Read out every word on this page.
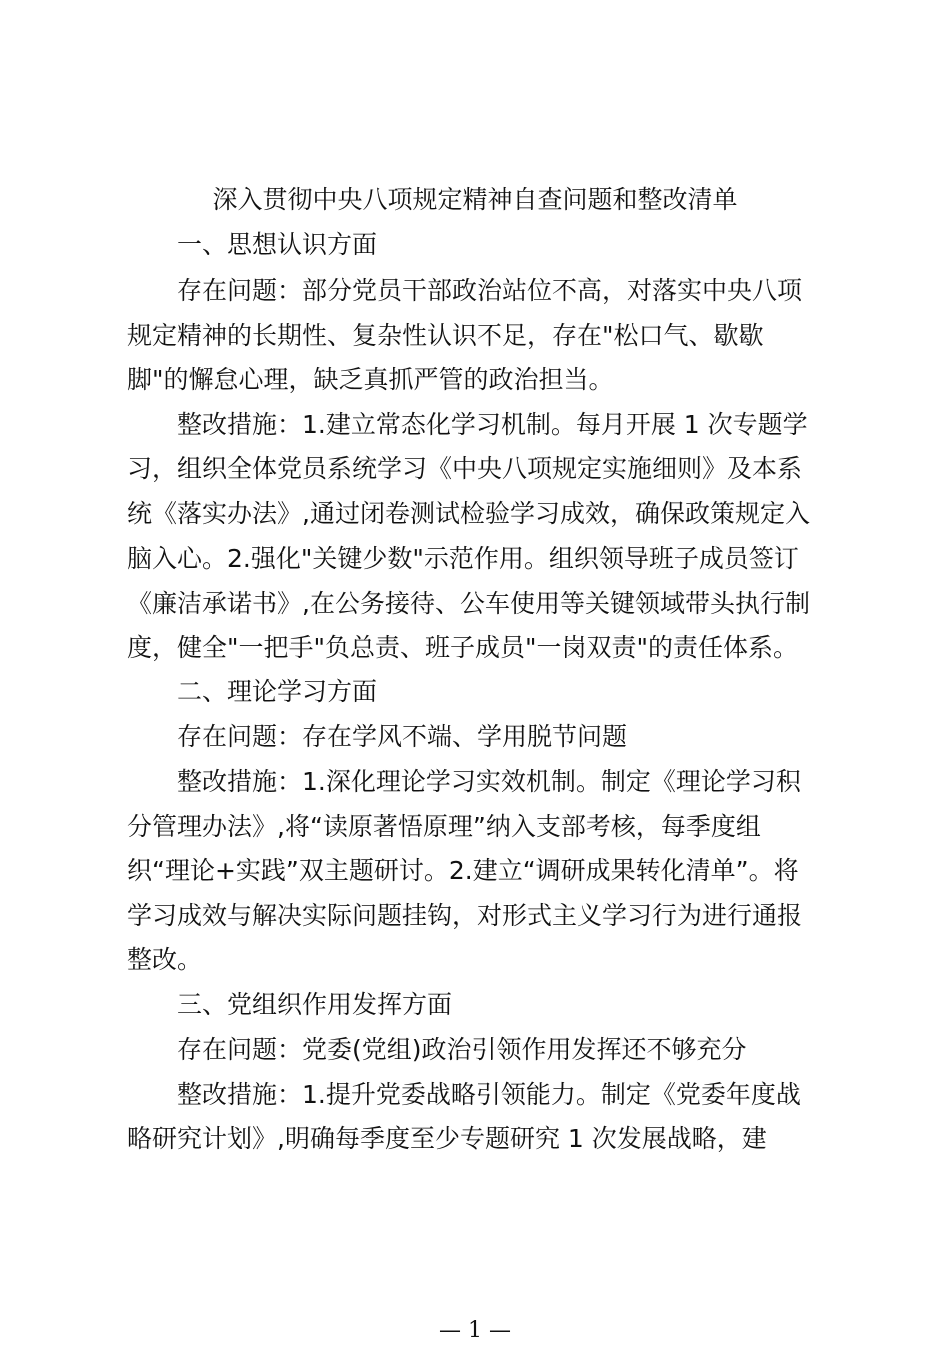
深入贯彻中央八项规定精神自查问题和整改清单

　　一、思想认识方面

　　存在问题：部分党员干部政治站位不高，对落实中央八项

规定精神的长期性、复杂性认识不足，存在"松口气、歇歇

脚"的懈怠心理，缺乏真抓严管的政治担当。

　　整改措施：1.建立常态化学习机制。每月开展 1 次专题学

习，组织全体党员系统学习《中央八项规定实施细则》及本系

统《落实办法》,通过闭卷测试检验学习成效，确保政策规定入

脑入心。2.强化"关键少数"示范作用。组织领导班子成员签订

《廉洁承诺书》,在公务接待、公车使用等关键领域带头执行制

度，健全"一把手"负总责、班子成员"一岗双责"的责任体系。

　　二、理论学习方面

　　存在问题：存在学风不端、学用脱节问题

　　整改措施：1.深化理论学习实效机制。制定《理论学习积

分管理办法》,将“读原著悟原理”纳入支部考核，每季度组

织“理论+实践”双主题研讨。2.建立“调研成果转化清单”。将

学习成效与解决实际问题挂钩，对形式主义学习行为进行通报

整改。

　　三、党组织作用发挥方面

　　存在问题：党委(党组)政治引领作用发挥还不够充分

　　整改措施：1.提升党委战略引领能力。制定《党委年度战

略研究计划》,明确每季度至少专题研究 1 次发展战略，建

— 1 —
